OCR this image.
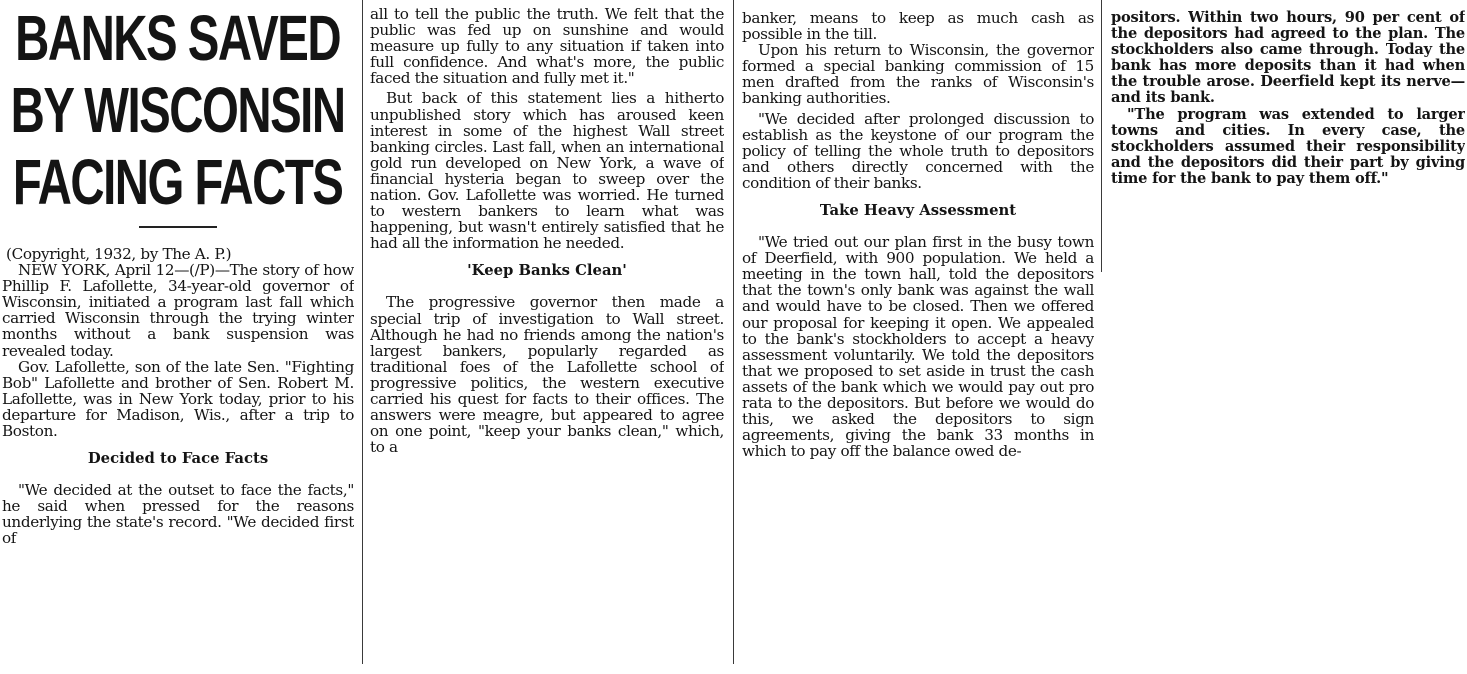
BANKS SAVED
BY WISCONSIN
FACING FACTS

(Copyright, 1932, by The A. P.)

NEW YORK, April 12—(/P)—The story of how Phillip F. Lafollette, 34-year-old governor of Wisconsin, initiated a program last fall which carried Wisconsin through the trying winter months without a bank suspension was revealed today.

Gov. Lafollette, son of the late Sen. "Fighting Bob" Lafollette and brother of Sen. Robert M. Lafollette, was in New York today, prior to his departure for Madison, Wis., after a trip to Boston.

Decided to Face Facts

"We decided at the outset to face the facts," he said when pressed for the reasons underlying the state's record. "We decided first of

all to tell the public the truth. We felt that the public was fed up on sunshine and would measure up fully to any situation if taken into full confidence. And what's more, the public faced the situation and fully met it."

But back of this statement lies a hitherto unpublished story which has aroused keen interest in some of the highest Wall street banking circles. Last fall, when an international gold run developed on New York, a wave of financial hysteria began to sweep over the nation. Gov. Lafollette was worried. He turned to western bankers to learn what was happening, but wasn't entirely satisfied that he had all the information he needed.

'Keep Banks Clean'

The progressive governor then made a special trip of investigation to Wall street. Although he had no friends among the nation's largest bankers, popularly regarded as traditional foes of the Lafollette school of progressive politics, the western executive carried his quest for facts to their offices. The answers were meagre, but appeared to agree on one point, "keep your banks clean," which, to a

banker, means to keep as much cash as possible in the till.

Upon his return to Wisconsin, the governor formed a special banking commission of 15 men drafted from the ranks of Wisconsin's banking authorities.

"We decided after prolonged discussion to establish as the keystone of our program the policy of telling the whole truth to depositors and others directly concerned with the condition of their banks.

Take Heavy Assessment

"We tried out our plan first in the busy town of Deerfield, with 900 population. We held a meeting in the town hall, told the depositors that the town's only bank was against the wall and would have to be closed. Then we offered our proposal for keeping it open. We appealed to the bank's stockholders to accept a heavy assessment voluntarily. We told the depositors that we proposed to set aside in trust the cash assets of the bank which we would pay out pro rata to the depositors. But before we would do this, we asked the depositors to sign agreements, giving the bank 33 months in which to pay off the balance owed de-

positors. Within two hours, 90 per cent of the depositors had agreed to the plan. The stockholders also came through. Today the bank has more deposits than it had when the trouble arose. Deerfield kept its nerve—and its bank.

"The program was extended to larger towns and cities. In every case, the stockholders assumed their responsibility and the depositors did their part by giving time for the bank to pay them off."
